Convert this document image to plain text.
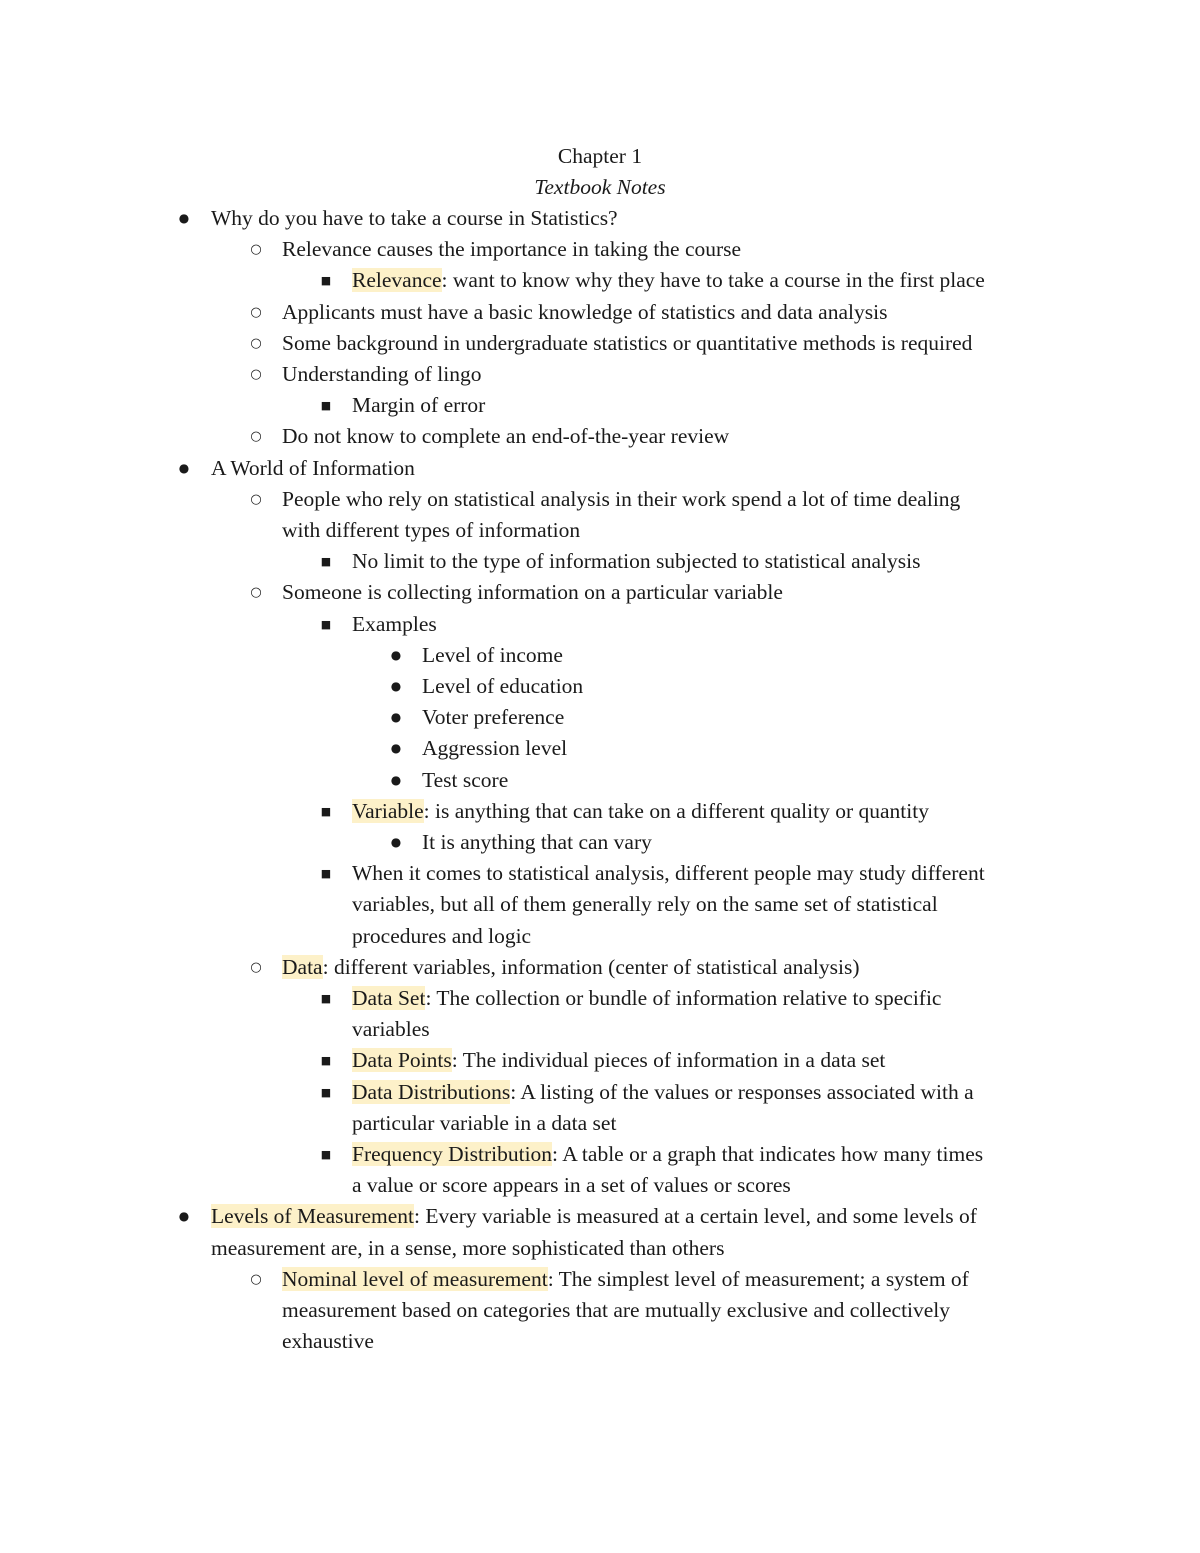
Chapter 1
Textbook Notes
● Why do you have to take a course in Statistics?
○ Relevance causes the importance in taking the course
■ Relevance: want to know why they have to take a course in the first place
○ Applicants must have a basic knowledge of statistics and data analysis
○ Some background in undergraduate statistics or quantitative methods is required
○ Understanding of lingo
■ Margin of error
○ Do not know to complete an end-of-the-year review
● A World of Information
○ People who rely on statistical analysis in their work spend a lot of time dealing
with different types of information
■ No limit to the type of information subjected to statistical analysis
○ Someone is collecting information on a particular variable
■ Examples
● Level of income
● Level of education
● Voter preference
● Aggression level
● Test score
■ Variable: is anything that can take on a different quality or quantity
● It is anything that can vary
■ When it comes to statistical analysis, different people may study different
variables, but all of them generally rely on the same set of statistical
procedures and logic
○ Data: different variables, information (center of statistical analysis)
■ Data Set: The collection or bundle of information relative to specific
variables
■ Data Points: The individual pieces of information in a data set
■ Data Distributions: A listing of the values or responses associated with a
particular variable in a data set
■ Frequency Distribution: A table or a graph that indicates how many times
a value or score appears in a set of values or scores
● Levels of Measurement: Every variable is measured at a certain level, and some levels of
measurement are, in a sense, more sophisticated than others
○ Nominal level of measurement: The simplest level of measurement; a system of
measurement based on categories that are mutually exclusive and collectively
exhaustive
